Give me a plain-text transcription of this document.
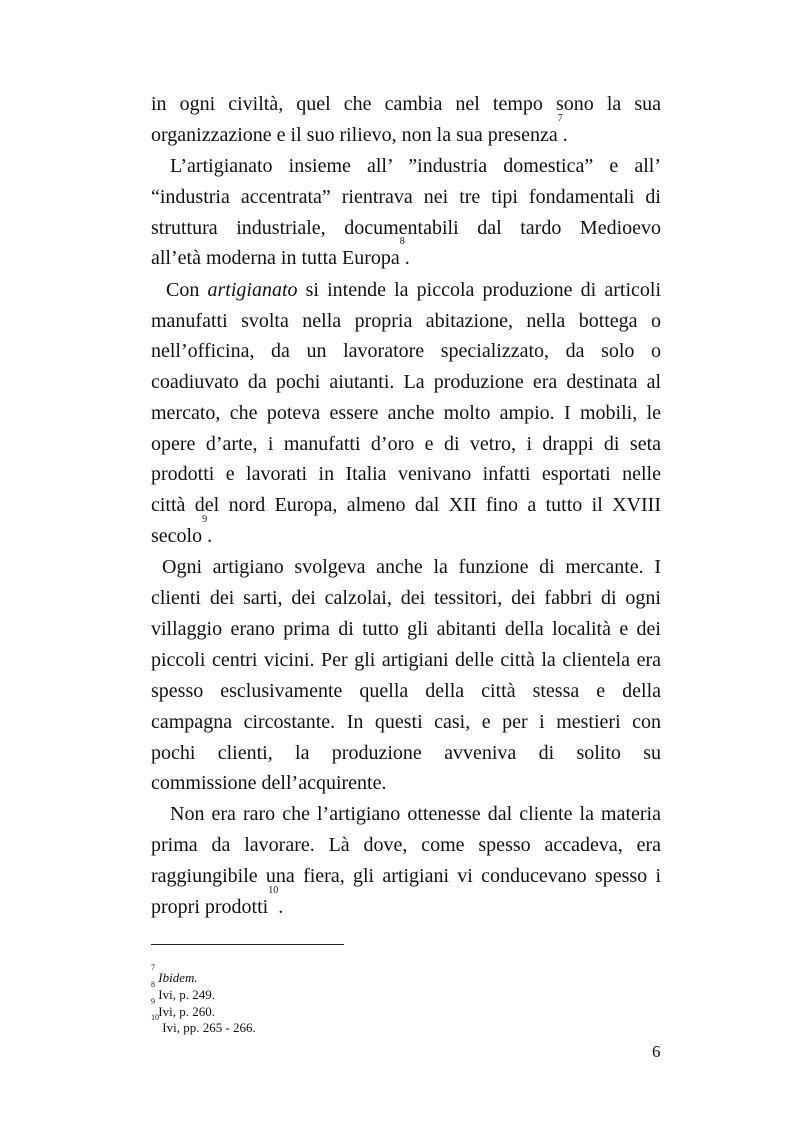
in ogni civiltà, quel che cambia nel tempo sono la sua
organizzazione e il suo rilievo, non la sua presenza$^7$.
L’artigianato insieme all’ ”industria domestica” e all’
“industria accentrata” rientrava nei tre tipi fondamentali di
struttura industriale, documentabili dal tardo Medioevo
all’età moderna in tutta Europa$^8$.
Con artigianato si intende la piccola produzione di articoli
manufatti svolta nella propria abitazione, nella bottega o
nell’officina, da un lavoratore specializzato, da solo o
coadiuvato da pochi aiutanti. La produzione era destinata al
mercato, che poteva essere anche molto ampio. I mobili, le
opere d’arte, i manufatti d’oro e di vetro, i drappi di seta
prodotti e lavorati in Italia venivano infatti esportati nelle
città del nord Europa, almeno dal XII fino a tutto il XVIII
secolo$^9$.
Ogni artigiano svolgeva anche la funzione di mercante. I
clienti dei sarti, dei calzolai, dei tessitori, dei fabbri di ogni
villaggio erano prima di tutto gli abitanti della località e dei
piccoli centri vicini. Per gli artigiani delle città la clientela era
spesso esclusivamente quella della città stessa e della
campagna circostante. In questi casi, e per i mestieri con
pochi clienti, la produzione avveniva di solito su
commissione dell’acquirente.
Non era raro che l’artigiano ottenesse dal cliente la materia
prima da lavorare. Là dove, come spesso accadeva, era
raggiungibile una fiera, gli artigiani vi conducevano spesso i
propri prodotti$^{10}$.
$^7$ Ibidem.
$^8$ Ivi, p. 249.
$^9$ Ivi, p. 260.
$^{10}$ Ivi, pp. 265 - 266.
6
